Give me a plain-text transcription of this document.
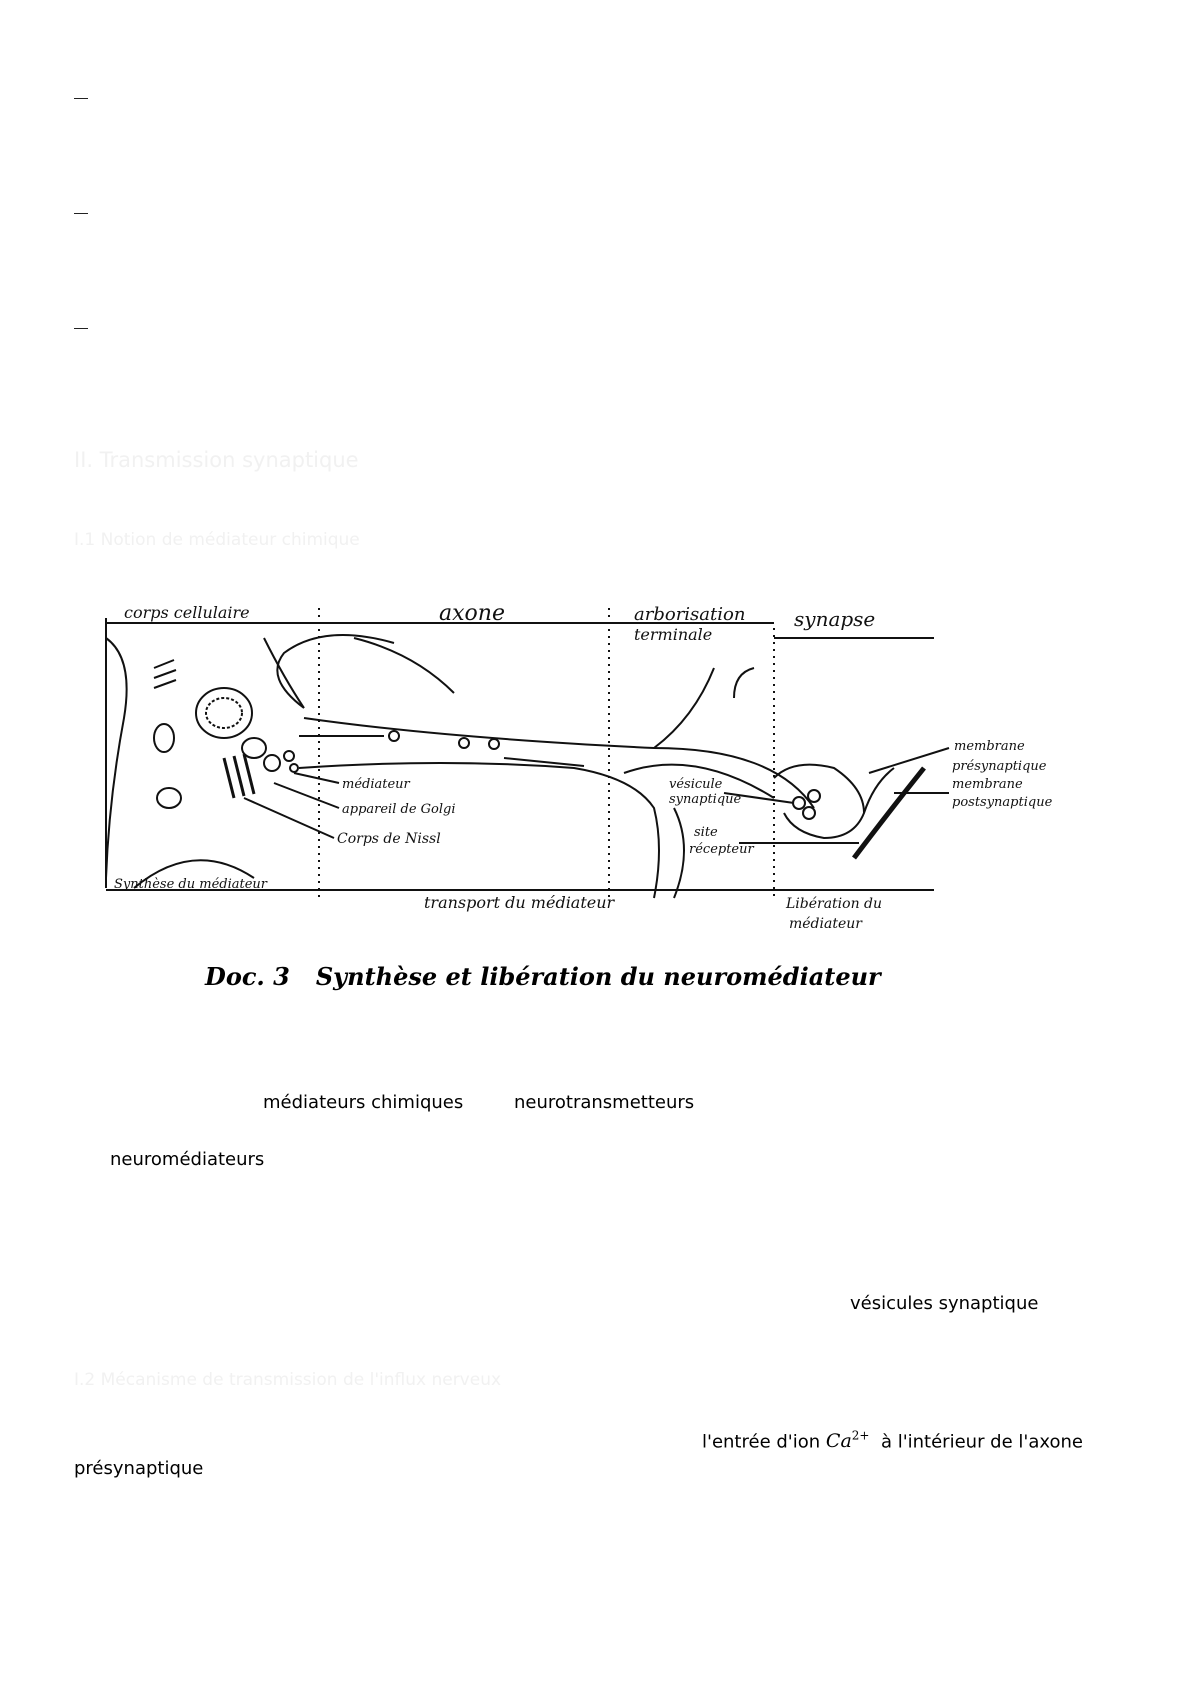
II. Transmission synaptique
I.1 Notion de médiateur chimique
corps cellulaire	axone	arborisation
terminale
synapse
médiateur
appareil de Golgi
Corps de Nissl
vésicule
synaptique
site
récepteur
membrane
présynaptique
membrane
postsynaptique
Synthèse du médiateur
transport du médiateur	Libération du
médiateur
Doc. 3 Synthèse et libération du neuromédiateur
médiateurs chimiques	neurotransmetteurs
neuromédiateurs
vésicules synaptique
I.2 Mécanisme de transmission de l'influx nerveux
l'entrée d'ion $Ca^{2+}$ à l'intérieur de l'axone
présynaptique
